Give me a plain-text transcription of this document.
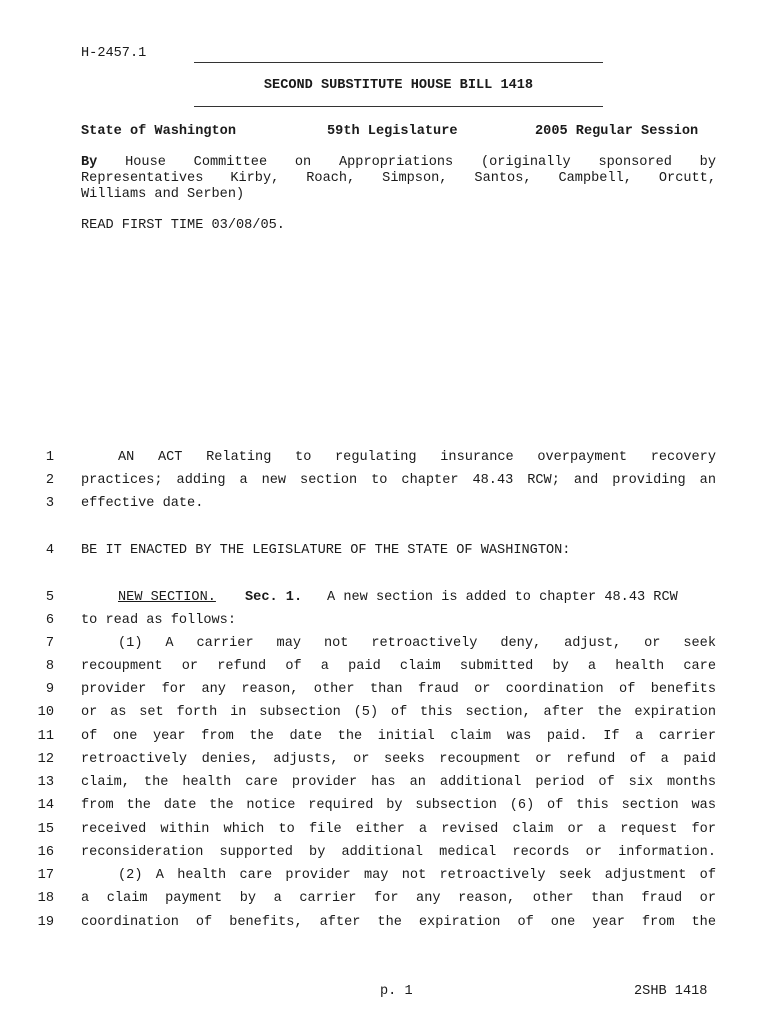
H-2457.1
SECOND SUBSTITUTE HOUSE BILL 1418
State of Washington	59th Legislature	2005 Regular Session
By House Committee on Appropriations (originally sponsored by
Representatives Kirby, Roach, Simpson, Santos, Campbell, Orcutt,
Williams and Serben)
READ FIRST TIME 03/08/05.
1	AN ACT Relating to regulating insurance overpayment recovery
2 practices; adding a new section to chapter 48.43 RCW; and providing an
3 effective date.
4 BE IT ENACTED BY THE LEGISLATURE OF THE STATE OF WASHINGTON:
5	NEW SECTION. Sec. 1. A new section is added to chapter 48.43 RCW
6 to read as follows:
7	(1) A carrier may not retroactively deny, adjust, or seek
8 recoupment or refund of a paid claim submitted by a health care
9 provider for any reason, other than fraud or coordination of benefits
10 or as set forth in subsection (5) of this section, after the expiration
11 of one year from the date the initial claim was paid. If a carrier
12 retroactively denies, adjusts, or seeks recoupment or refund of a paid
13 claim, the health care provider has an additional period of six months
14 from the date the notice required by subsection (6) of this section was
15 received within which to file either a revised claim or a request for
16 reconsideration supported by additional medical records or information.
17	(2) A health care provider may not retroactively seek adjustment of
18 a claim payment by a carrier for any reason, other than fraud or
19 coordination of benefits, after the expiration of one year from the
p. 1	2SHB 1418
